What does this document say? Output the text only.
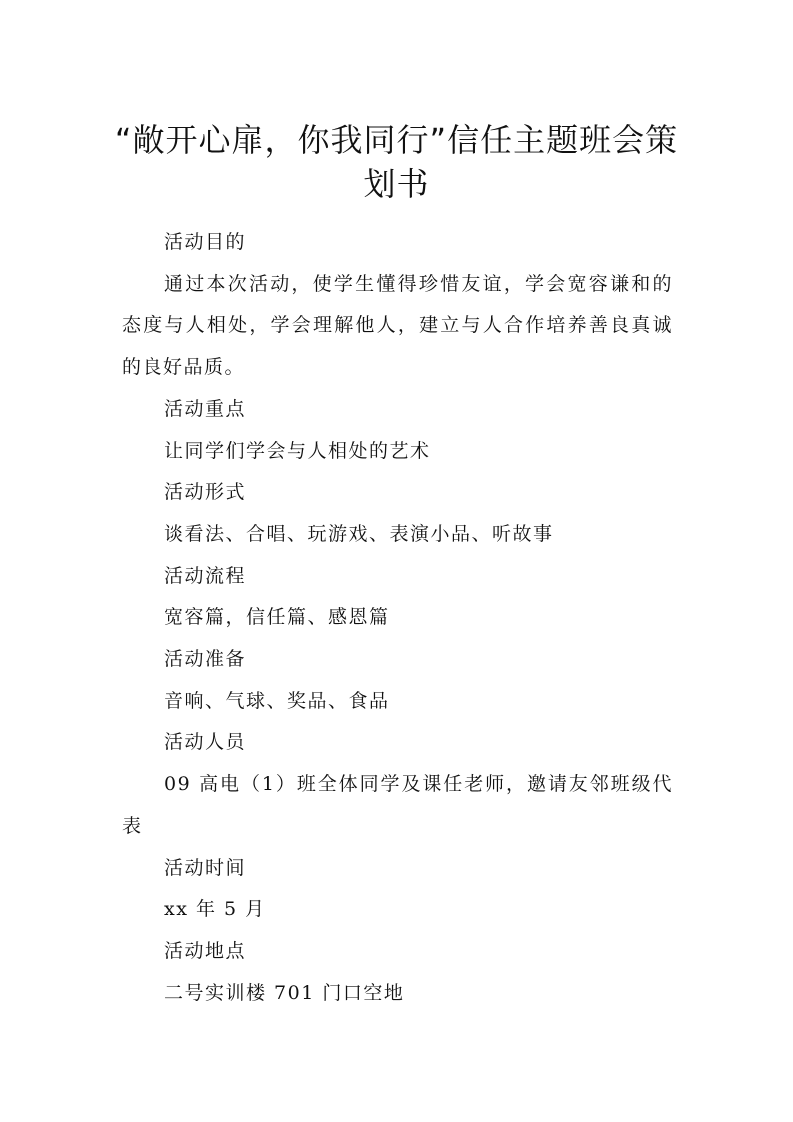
“敞开心扉，你我同行”信任主题班会策划书

活动目的

通过本次活动，使学生懂得珍惜友谊，学会宽容谦和的态度与人相处，学会理解他人，建立与人合作培养善良真诚的良好品质。

活动重点

让同学们学会与人相处的艺术

活动形式

谈看法、合唱、玩游戏、表演小品、听故事

活动流程

宽容篇，信任篇、感恩篇

活动准备

音响、气球、奖品、食品

活动人员

09 高电（1）班全体同学及课任老师，邀请友邻班级代表

活动时间

xx 年 5 月

活动地点

二号实训楼 701 门口空地
